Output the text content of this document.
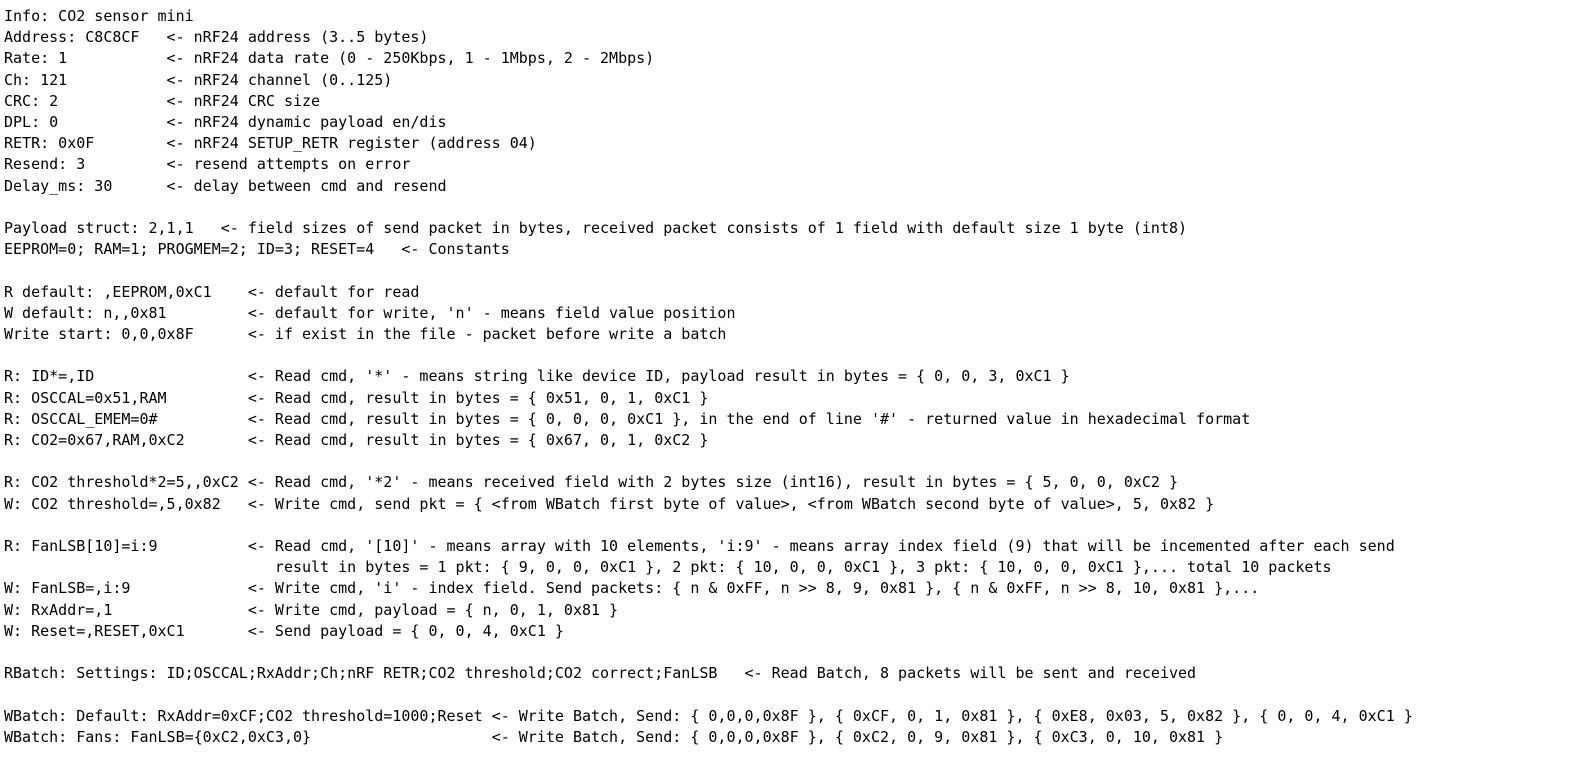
Info: CO2 sensor mini
Address: C8C8CF   <- nRF24 address (3..5 bytes)
Rate: 1           <- nRF24 data rate (0 - 250Kbps, 1 - 1Mbps, 2 - 2Mbps)
Ch: 121           <- nRF24 channel (0..125)
CRC: 2            <- nRF24 CRC size
DPL: 0            <- nRF24 dynamic payload en/dis
RETR: 0x0F        <- nRF24 SETUP_RETR register (address 04)
Resend: 3         <- resend attempts on error
Delay_ms: 30      <- delay between cmd and resend
Payload struct: 2,1,1   <- field sizes of send packet in bytes, received packet consists of 1 field with default size 1 byte (int8)
EEPROM=0; RAM=1; PROGMEM=2; ID=3; RESET=4   <- Constants
R default: ,EEPROM,0xC1    <- default for read
W default: n,,0x81         <- default for write, 'n' - means field value position
Write start: 0,0,0x8F      <- if exist in the file - packet before write a batch
R: ID*=,ID                 <- Read cmd, '*' - means string like device ID, payload result in bytes = { 0, 0, 3, 0xC1 }
R: OSCCAL=0x51,RAM         <- Read cmd, result in bytes = { 0x51, 0, 1, 0xC1 }
R: OSCCAL_EMEM=0#          <- Read cmd, result in bytes = { 0, 0, 0, 0xC1 }, in the end of line '#' - returned value in hexadecimal format
R: CO2=0x67,RAM,0xC2       <- Read cmd, result in bytes = { 0x67, 0, 1, 0xC2 }
R: CO2 threshold*2=5,,0xC2 <- Read cmd, '*2' - means received field with 2 bytes size (int16), result in bytes = { 5, 0, 0, 0xC2 }
W: CO2 threshold=,5,0x82   <- Write cmd, send pkt = { <from WBatch first byte of value>, <from WBatch second byte of value>, 5, 0x82 }
R: FanLSB[10]=i:9          <- Read cmd, '[10]' - means array with 10 elements, 'i:9' - means array index field (9) that will be incemented after each send
result in bytes = 1 pkt: { 9, 0, 0, 0xC1 }, 2 pkt: { 10, 0, 0, 0xC1 }, 3 pkt: { 10, 0, 0, 0xC1 },... total 10 packets
W: FanLSB=,i:9             <- Write cmd, 'i' - index field. Send packets: { n & 0xFF, n >> 8, 9, 0x81 }, { n & 0xFF, n >> 8, 10, 0x81 },...
W: RxAddr=,1               <- Write cmd, payload = { n, 0, 1, 0x81 }
W: Reset=,RESET,0xC1       <- Send payload = { 0, 0, 4, 0xC1 }
RBatch: Settings: ID;OSCCAL;RxAddr;Ch;nRF RETR;CO2 threshold;CO2 correct;FanLSB   <- Read Batch, 8 packets will be sent and received
WBatch: Default: RxAddr=0xCF;CO2 threshold=1000;Reset <- Write Batch, Send: { 0,0,0,0x8F }, { 0xCF, 0, 1, 0x81 }, { 0xE8, 0x03, 5, 0x82 }, { 0, 0, 4, 0xC1 }
WBatch: Fans: FanLSB={0xC2,0xC3,0}                    <- Write Batch, Send: { 0,0,0,0x8F }, { 0xC2, 0, 9, 0x81 }, { 0xC3, 0, 10, 0x81 }
